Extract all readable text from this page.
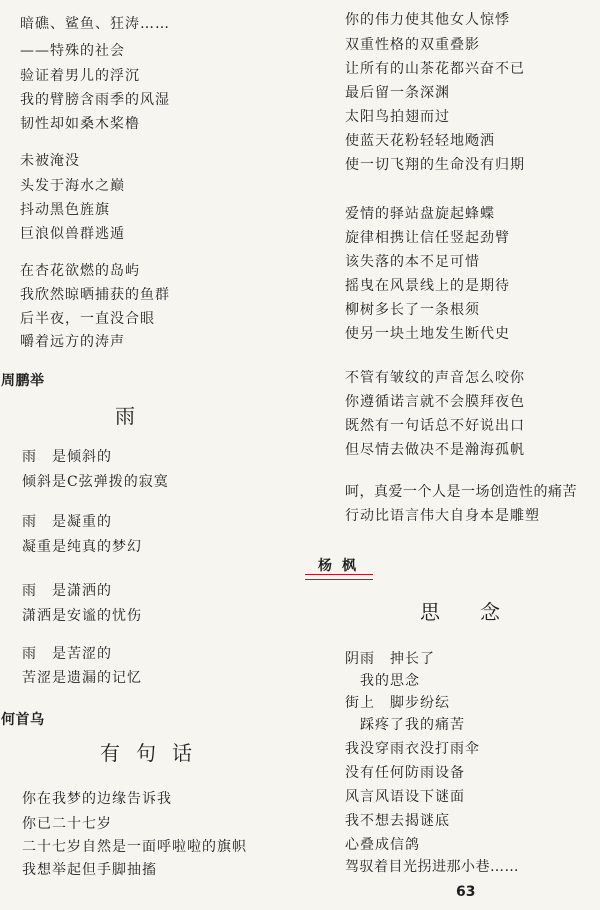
暗礁、鲨鱼、狂涛……
——特殊的社会
验证着男儿的浮沉
我的臂膀含雨季的风湿
韧性却如桑木桨橹
未被淹没
头发于海水之巅
抖动黑色旌旗
巨浪似兽群逃遁
在杏花欲燃的岛屿
我欣然晾晒捕获的鱼群
后半夜，一直没合眼
嚼着远方的涛声
周鹏举
雨
雨　是倾斜的
倾斜是C弦弹拨的寂寞
雨　是凝重的
凝重是纯真的梦幻
雨　是潇洒的
潇洒是安谧的忧伤
雨　是苦涩的
苦涩是遗漏的记忆
何首乌
有句话
你在我梦的边缘告诉我
你已二十七岁
二十七岁自然是一面呼啦啦的旗帜
我想举起但手脚抽搐
你的伟力使其他女人惊悸
双重性格的双重叠影
让所有的山茶花都兴奋不已
最后留一条深渊
太阳鸟拍翅而过
使蓝天花粉轻轻地飏洒
使一切飞翔的生命没有归期
爱情的驿站盘旋起蜂蝶
旋律相携让信任竖起劲臂
该失落的本不足可惜
摇曳在风景线上的是期待
柳树多长了一条根须
使另一块土地发生断代史
不管有皱纹的声音怎么咬你
你遵循诺言就不会膜拜夜色
既然有一句话总不好说出口
但尽情去做决不是瀚海孤帆
呵，真爱一个人是一场创造性的痛苦
行动比语言伟大自身本是雕塑
杨枫
思念
阴雨　抻长了
　我的思念
街上　脚步纷纭
　踩疼了我的痛苦
我没穿雨衣没打雨伞
没有任何防雨设备
风言风语设下谜面
我不想去揭谜底
心叠成信鸽
驾驭着目光拐进那小巷……
63
